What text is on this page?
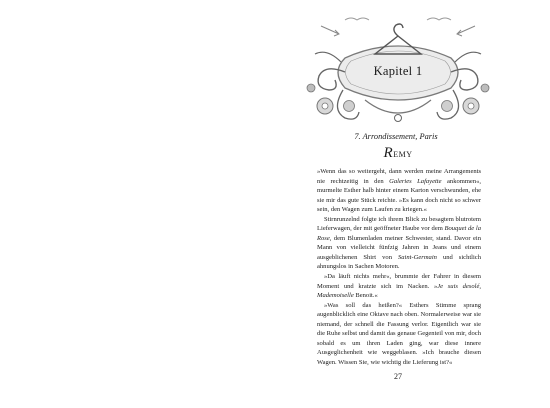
Kapitel 1
7. Arrondissement, Paris
Remy

»Wenn das so weitergeht, dann werden meine Arrangements nie rechtzeitig in den Galeries Lafayette ankommen«, murmelte Esther halb hinter einem Karton verschwunden, ehe sie mir das gute Stück reichte. »Es kann doch nicht so schwer sein, den Wagen zum Laufen zu kriegen.«

Stirnrunzelnd folgte ich ihrem Blick zu besagtem blutrotem Lieferwagen, der mit geöffneter Haube vor dem Bouquet de la Rose, dem Blumenladen meiner Schwester, stand. Davor ein Mann von vielleicht fünfzig Jahren in Jeans und einem ausgeblichenen Shirt von Saint-Germain und sichtlich ahnungslos in Sachen Motoren.

»Da läuft nichts mehr«, brummte der Fahrer in diesem Moment und kratzte sich im Nacken. »Je suis desolé, Mademoiselle Benoit.«

»Was soll das heißen?« Esthers Stimme sprang augenblicklich eine Oktave nach oben. Normalerweise war sie niemand, der schnell die Fassung verlor. Eigentlich war sie die Ruhe selbst und damit das genaue Gegenteil von mir, doch sobald es um ihren Laden ging, war diese innere Ausgeglichenheit wie weggeblasen. »Ich brauche diesen Wagen. Wissen Sie, wie wichtig die Lieferung ist?«

27
